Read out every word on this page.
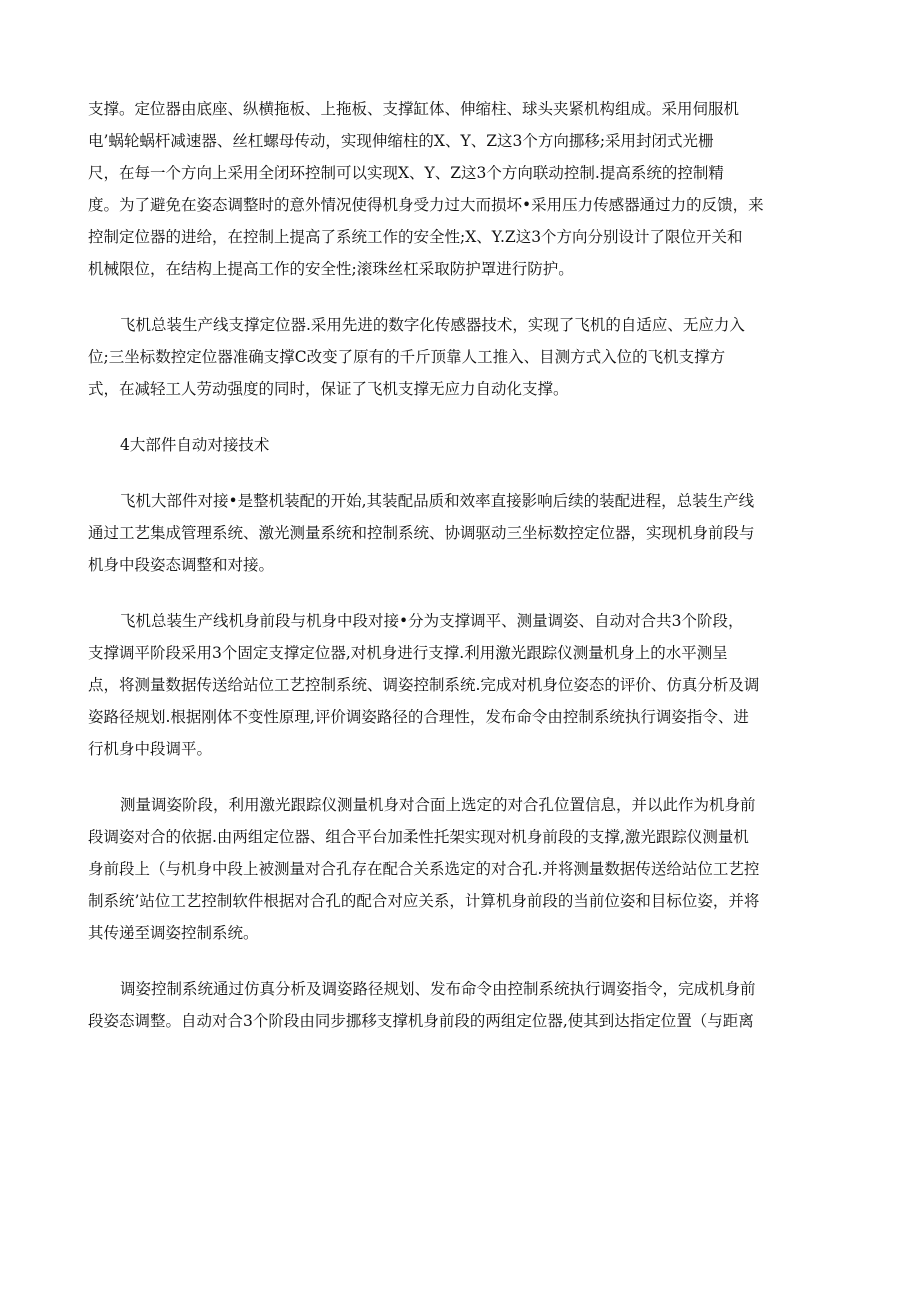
支撑。定位器由底座、纵横拖板、上拖板、支撑缸体、伸缩柱、球头夹紧机构组成。采用伺服机
电’蜗轮蜗杆减速器、丝杠螺母传动，实现伸缩柱的X、Y、Z这3个方向挪移;采用封闭式光栅
尺，在每一个方向上采用全闭环控制可以实现X、Y、Z这3个方向联动控制.提高系统的控制精
度。为了避免在姿态调整时的意外情况使得机身受力过大而损坏•采用压力传感器通过力的反馈，来
控制定位器的进给，在控制上提高了系统工作的安全性;X、Y.Z这3个方向分别设计了限位开关和
机械限位，在结构上提高工作的安全性;滚珠丝杠采取防护罩进行防护。
飞机总装生产线支撑定位器.采用先进的数字化传感器技术，实现了飞机的自适应、无应力入
位;三坐标数控定位器准确支撑C改变了原有的千斤顶靠人工推入、目测方式入位的飞机支撑方
式，在减轻工人劳动强度的同时，保证了飞机支撑无应力自动化支撑。
4大部件自动对接技术
飞机大部件对接•是整机装配的开始,其装配品质和效率直接影响后续的装配进程，总装生产线
通过工艺集成管理系统、激光测量系统和控制系统、协调驱动三坐标数控定位器，实现机身前段与
机身中段姿态调整和对接。
飞机总装生产线机身前段与机身中段对接•分为支撑调平、测量调姿、自动对合共3个阶段，
支撑调平阶段采用3个固定支撑定位器,对机身进行支撑.利用激光跟踪仪测量机身上的水平测呈
点，将测量数据传送给站位工艺控制系统、调姿控制系统.完成对机身位姿态的评价、仿真分析及调
姿路径规划.根据刚体不变性原理,评价调姿路径的合理性，发布命令由控制系统执行调姿指令、进
行机身中段调平。
测量调姿阶段，利用激光跟踪仪测量机身对合面上选定的对合孔位置信息，并以此作为机身前
段调姿对合的依据.由两组定位器、组合平台加柔性托架实现对机身前段的支撑,激光跟踪仪测量机
身前段上（与机身中段上被测量对合孔存在配合关系选定的对合孔.并将测量数据传送给站位工艺控
制系统’站位工艺控制软件根据对合孔的配合对应关系，计算机身前段的当前位姿和目标位姿，并将
其传递至调姿控制系统。
调姿控制系统通过仿真分析及调姿路径规划、发布命令由控制系统执行调姿指令，完成机身前
段姿态调整。自动对合3个阶段由同步挪移支撑机身前段的两组定位器,使其到达指定位置（与距离
